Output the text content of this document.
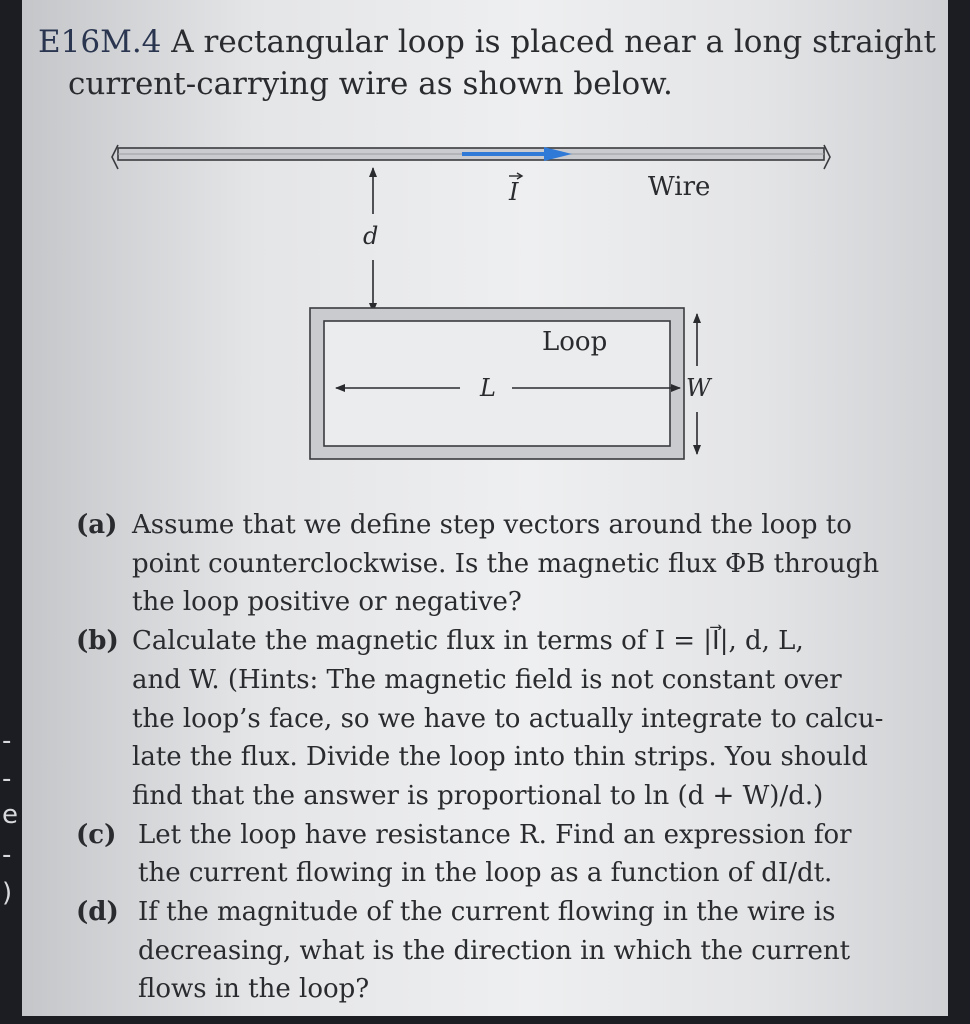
-
-
e
-
)

E16M.4 A rectangular loop is placed near a long straight

current-carrying wire as shown below.

Wire
I
d
Loop
L	W
(a) Assume that we define step vectors around the loop to
point counterclockwise. Is the magnetic flux ΦB through
the loop positive or negative?
(b) Calculate the magnetic flux in terms of I = |I⃗|, d, L,
and W. (Hints: The magnetic field is not constant over
the loop’s face, so we have to actually integrate to calcu-
late the flux. Divide the loop into thin strips. You should
find that the answer is proportional to ln (d + W)/d.)
(c) Let the loop have resistance R. Find an expression for
the current flowing in the loop as a function of dI/dt.
(d) If the magnitude of the current flowing in the wire is
decreasing, what is the direction in which the current
flows in the loop?
